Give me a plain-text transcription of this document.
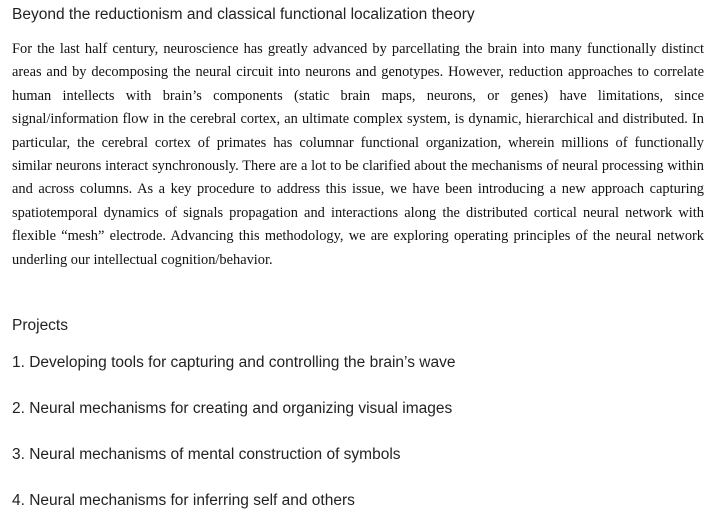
Beyond the reductionism and classical functional localization theory

For the last half century, neuroscience has greatly advanced by parcellating the brain into many functionally distinct areas and by decomposing the neural circuit into neurons and genotypes. However, reduction approaches to correlate human intellects with brain’s components (static brain maps, neurons, or genes) have limitations, since signal/information flow in the cerebral cortex, an ultimate complex system, is dynamic, hierarchical and distributed. In particular, the cerebral cortex of primates has columnar functional organization, wherein millions of functionally similar neurons interact synchronously. There are a lot to be clarified about the mechanisms of neural processing within and across columns. As a key procedure to address this issue, we have been introducing a new approach capturing spatiotemporal dynamics of signals propagation and interactions along the distributed cortical neural network with flexible “mesh” electrode. Advancing this methodology, we are exploring operating principles of the neural network underling our intellectual cognition/behavior.

Projects
1. Developing tools for capturing and controlling the brain’s wave
2. Neural mechanisms for creating and organizing visual images
3. Neural mechanisms of mental construction of symbols
4. Neural mechanisms for inferring self and others
